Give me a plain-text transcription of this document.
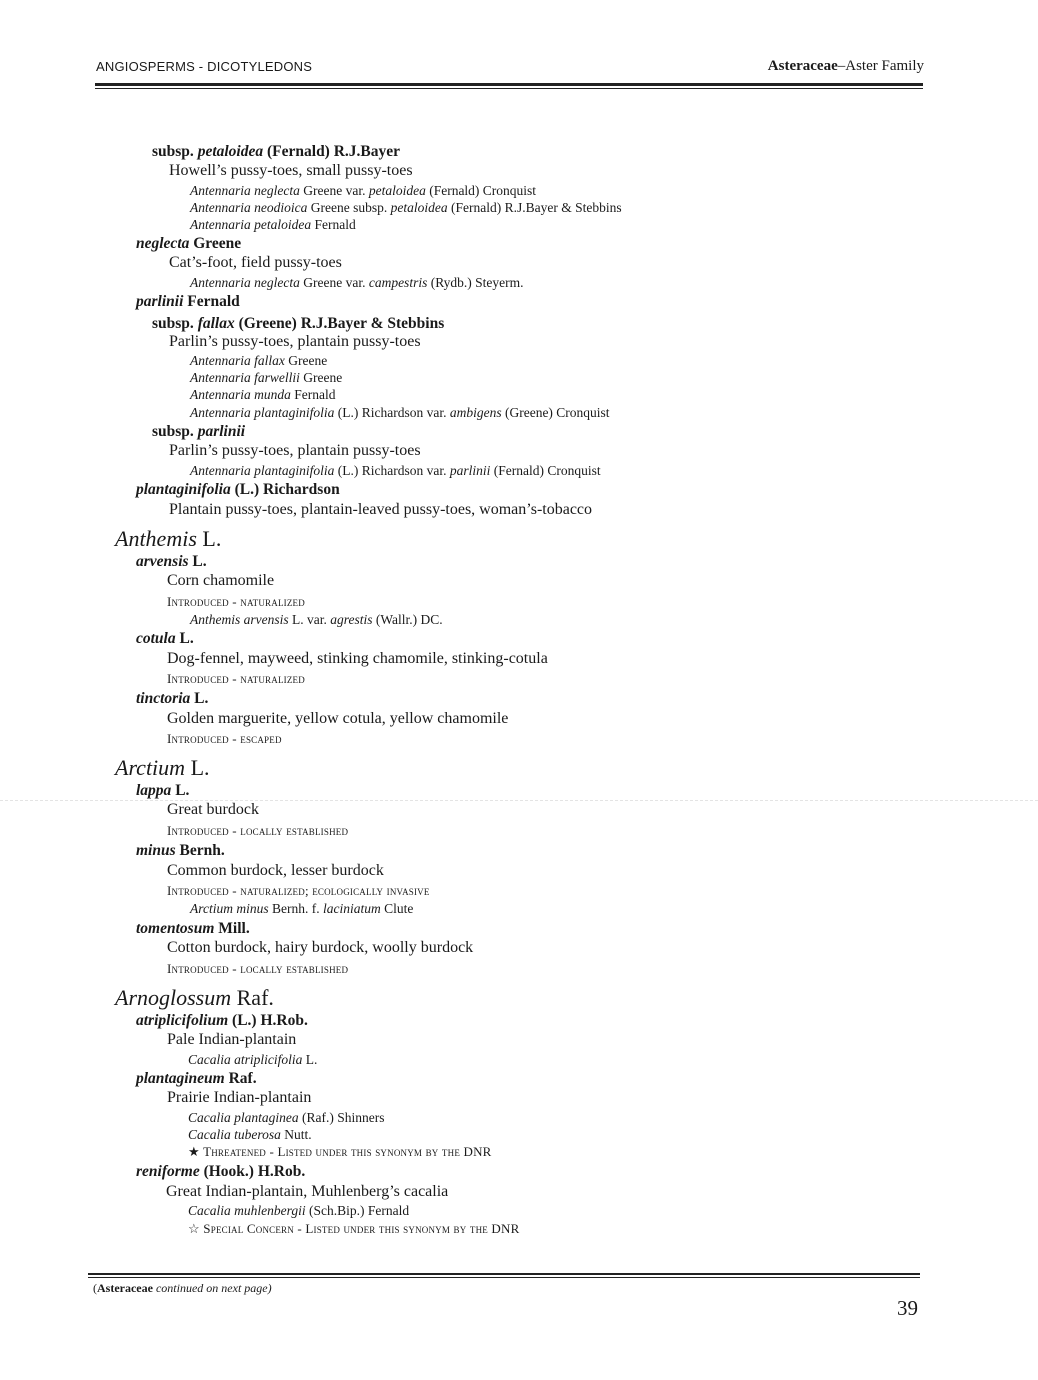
ANGIOSPERMS - DICOTYLEDONS	Asteraceae–Aster Family
subsp. petaloidea (Fernald) R.J.Bayer
Howell’s pussy-toes, small pussy-toes
Antennaria neglecta Greene var. petaloidea (Fernald) Cronquist
Antennaria neodioica Greene subsp. petaloidea (Fernald) R.J.Bayer & Stebbins
Antennaria petaloidea Fernald
neglecta Greene
Cat’s-foot, field pussy-toes
Antennaria neglecta Greene var. campestris (Rydb.) Steyerm.
parlinii Fernald
subsp. fallax (Greene) R.J.Bayer & Stebbins
Parlin’s pussy-toes, plantain pussy-toes
Antennaria fallax Greene
Antennaria farwellii Greene
Antennaria munda Fernald
Antennaria plantaginifolia (L.) Richardson var. ambigens (Greene) Cronquist
subsp. parlinii
Parlin’s pussy-toes, plantain pussy-toes
Antennaria plantaginifolia (L.) Richardson var. parlinii (Fernald) Cronquist
plantaginifolia (L.) Richardson
Plantain pussy-toes, plantain-leaved pussy-toes, woman’s-tobacco
Anthemis L.
arvensis L.
Corn chamomile
Introduced - naturalized
Anthemis arvensis L. var. agrestis (Wallr.) DC.
cotula L.
Dog-fennel, mayweed, stinking chamomile, stinking-cotula
Introduced - naturalized
tinctoria L.
Golden marguerite, yellow cotula, yellow chamomile
Introduced - escaped
Arctium L.
lappa L.
Great burdock
Introduced - locally established
minus Bernh.
Common burdock, lesser burdock
Introduced - naturalized; ecologically invasive
Arctium minus Bernh. f. laciniatum Clute
tomentosum Mill.
Cotton burdock, hairy burdock, woolly burdock
Introduced - locally established
Arnoglossum Raf.
atriplicifolium (L.) H.Rob.
Pale Indian-plantain
Cacalia atriplicifolia L.
plantagineum Raf.
Prairie Indian-plantain
Cacalia plantaginea (Raf.) Shinners
Cacalia tuberosa Nutt.
★ Threatened - Listed under this synonym by the DNR
reniforme (Hook.) H.Rob.
Great Indian-plantain, Muhlenberg’s cacalia
Cacalia muhlenbergii (Sch.Bip.) Fernald
☆ Special Concern - Listed under this synonym by the DNR
(Asteraceae continued on next page)
39
